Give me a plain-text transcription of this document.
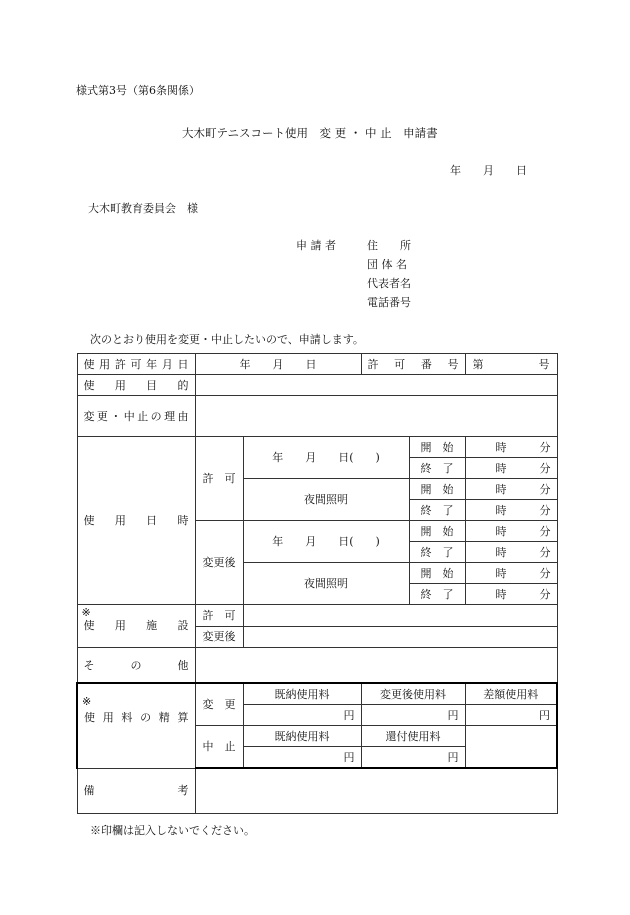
様式第3号（第6条関係）
大木町テニスコート使用　変 更 ・ 中 止　申請書
年　　月　　日
大木町教育委員会　様
申 請 者	住　　所
団 体 名
代表者名
電話番号
次のとおり使用を変更・中止したいので、申請します。
使用許可年月日	年　　月　　日		許可番号		第　　　　　号
使用目的					
変更・中止の理由					
使用日時	許　可	年　　月　　日(　　)		開　始	時　　　分
				終　了	時　　　分
		夜間照明		開　始	時　　　分
				終　了	時　　　分
	変更後	年　　月　　日(　　)		開　始	時　　　分
				終　了	時　　　分
		夜間照明		開　始	時　　　分
				終　了	時　　　分

※
使用施設	許　可				
	変更後				
その他					

※
使用料の精算	変　更	既納使用料	変更後使用料		差額使用料
		円	円		円
	中　止	既納使用料	還付使用料		
		円	円		
備考					
※印欄は記入しないでください。
